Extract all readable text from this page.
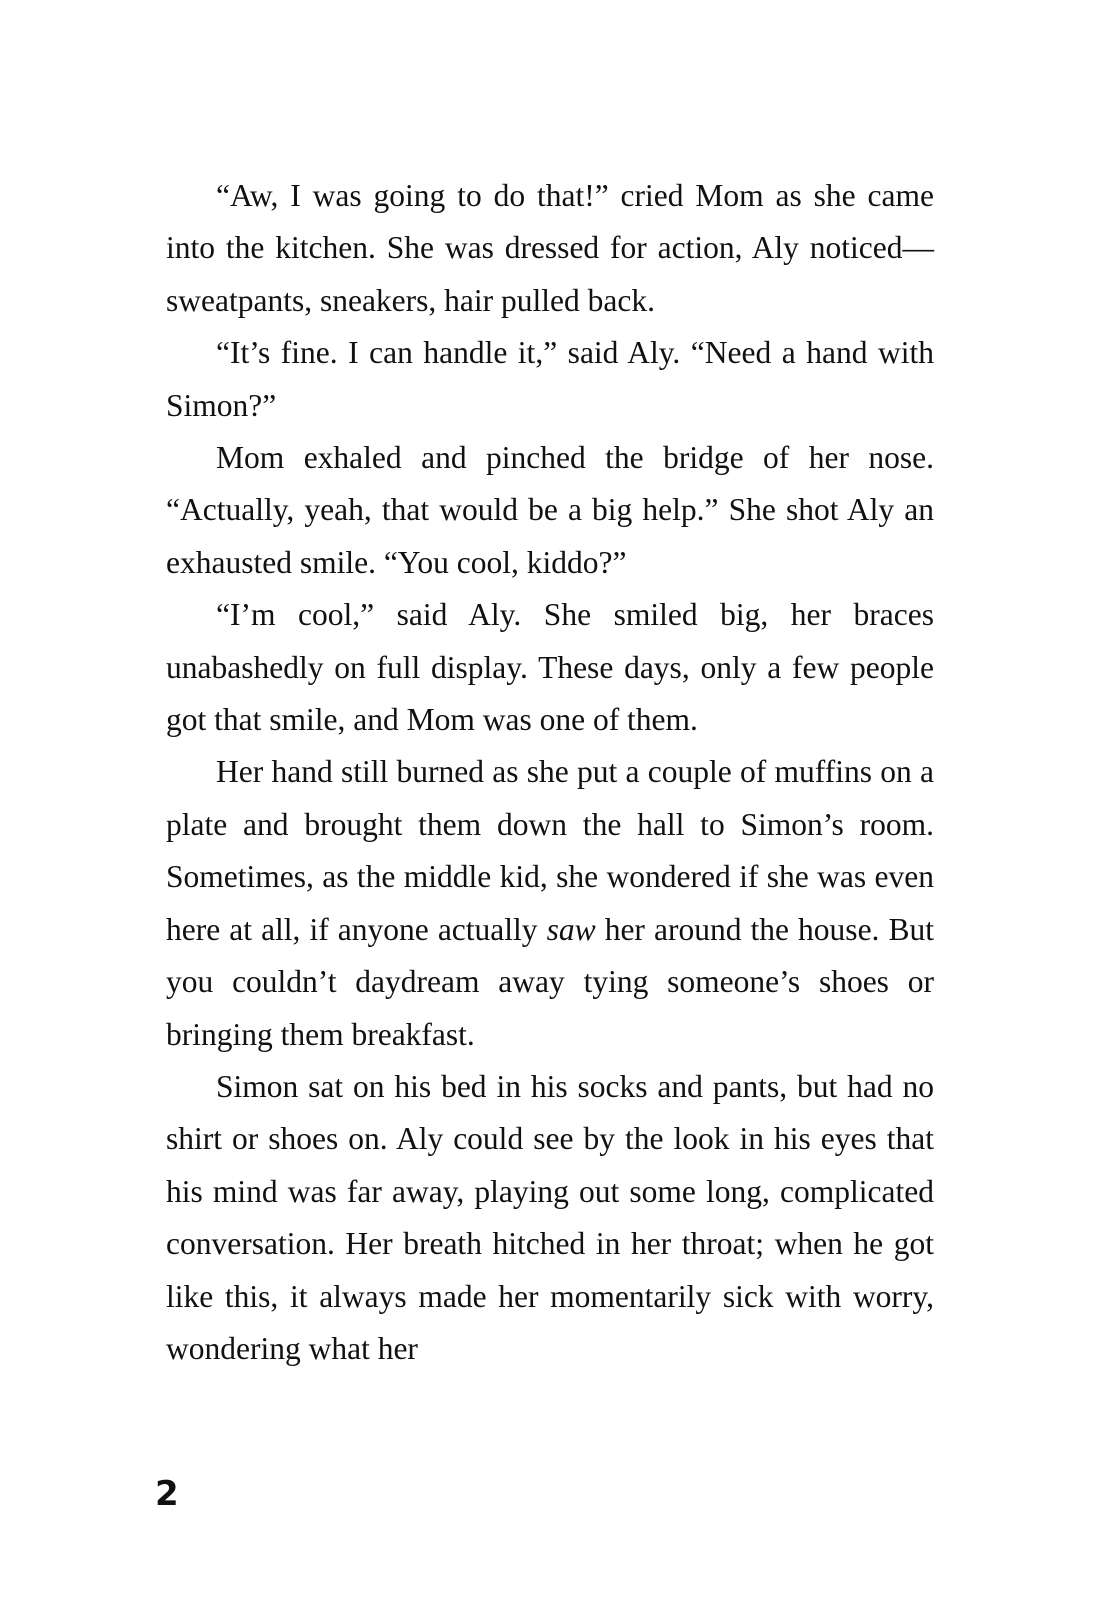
“Aw, I was going to do that!” cried Mom as she came into the kitchen. She was dressed for action, Aly noticed—sweatpants, sneakers, hair pulled back.

“It’s fine. I can handle it,” said Aly. “Need a hand with Simon?”

Mom exhaled and pinched the bridge of her nose. “Actually, yeah, that would be a big help.” She shot Aly an exhausted smile. “You cool, kiddo?”

“I’m cool,” said Aly. She smiled big, her braces unabashedly on full display. These days, only a few people got that smile, and Mom was one of them.

Her hand still burned as she put a couple of muffins on a plate and brought them down the hall to Simon’s room. Sometimes, as the middle kid, she wondered if she was even here at all, if anyone actually saw her around the house. But you couldn’t daydream away tying someone’s shoes or bringing them breakfast.

Simon sat on his bed in his socks and pants, but had no shirt or shoes on. Aly could see by the look in his eyes that his mind was far away, playing out some long, complicated conversation. Her breath hitched in her throat; when he got like this, it always made her momentarily sick with worry, wondering what her

2
